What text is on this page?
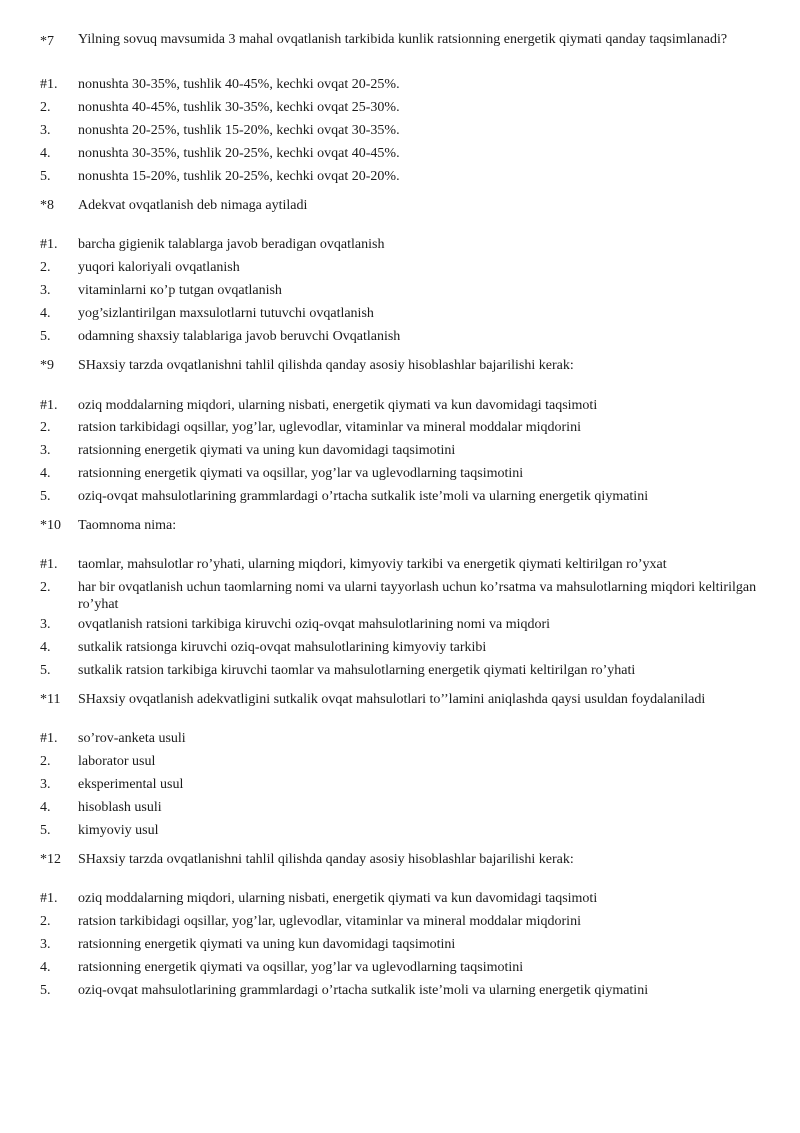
*7	Yilning sovuq mavsumida 3 mahal ovqatlanish tarkibida kunlik ratsionning energetik qiymati qanday taqsimlanadi?
#1.	nonushta 30-35%, tushlik 40-45%, kechki ovqat 20-25%.
2.	nonushta 40-45%, tushlik 30-35%, kechki ovqat 25-30%.
3.	nonushta 20-25%, tushlik 15-20%, kechki ovqat 30-35%.
4.	nonushta 30-35%, tushlik 20-25%, kechki ovqat 40-45%.
5.	nonushta 15-20%, tushlik 20-25%, kechki ovqat 20-20%.
*8	Adekvat ovqatlanish deb nimaga aytiladi
#1.	barcha gigienik talablarga javob beradigan ovqatlanish
2.	yuqori kaloriyali ovqatlanish
3.	vitaminlarni кo’p tutgan ovqatlanish
4.	yog’sizlantirilgan maxsulotlarni tutuvchi ovqatlanish
5.	odamning shaxsiy talablariga javob beruvchi Ovqatlanish
*9	SHaxsiy tarzda ovqatlanishni tahlil qilishda qanday asosiy hisoblashlar bajarilishi kerak:
#1.	oziq moddalarning miqdori, ularning nisbati, energetik qiymati va kun davomidagi taqsimoti
2.	ratsion tarkibidagi oqsillar, yog’lar, uglevodlar, vitaminlar va mineral moddalar miqdorini
3.	ratsionning energetik qiymati va uning kun davomidagi taqsimotini
4.	ratsionning energetik qiymati va oqsillar, yog’lar va uglevodlarning taqsimotini
5.	oziq-ovqat mahsulotlarining grammlardagi o’rtacha sutkalik iste’moli va ularning energetik qiymatini
*10	Taomnoma nima:
#1.	taomlar, mahsulotlar ro’yhati, ularning miqdori, kimyoviy tarkibi va energetik qiymati keltirilgan ro’yxat
2.	har bir ovqatlanish uchun taomlarning nomi va ularni tayyorlash uchun ko’rsatma va mahsulotlarning miqdori keltirilgan ro’yhat
3.	ovqatlanish ratsioni tarkibiga kiruvchi oziq-ovqat mahsulotlarining nomi va miqdori
4.	sutkalik ratsionga kiruvchi oziq-ovqat mahsulotlarining kimyoviy tarkibi
5.	sutkalik ratsion tarkibiga kiruvchi taomlar va mahsulotlarning energetik qiymati keltirilgan ro’yhati
*11	SHaxsiy ovqatlanish adekvatligini sutkalik ovqat mahsulotlari to’’lamini aniqlashda qaysi usuldan foydalaniladi
#1.	so’rov-anketa usuli
2.	laborator usul
3.	eksperimental usul
4.	hisoblash usuli
5.	kimyoviy usul
*12	SHaxsiy tarzda ovqatlanishni tahlil qilishda qanday asosiy hisoblashlar bajarilishi kerak:
#1.	oziq moddalarning miqdori, ularning nisbati, energetik qiymati va kun davomidagi taqsimoti
2.	ratsion tarkibidagi oqsillar, yog’lar, uglevodlar, vitaminlar va mineral moddalar miqdorini
3.	ratsionning energetik qiymati va uning kun davomidagi taqsimotini
4.	ratsionning energetik qiymati va oqsillar, yog’lar va uglevodlarning taqsimotini
5.	oziq-ovqat mahsulotlarining grammlardagi o’rtacha sutkalik iste’moli va ularning energetik qiymatini
